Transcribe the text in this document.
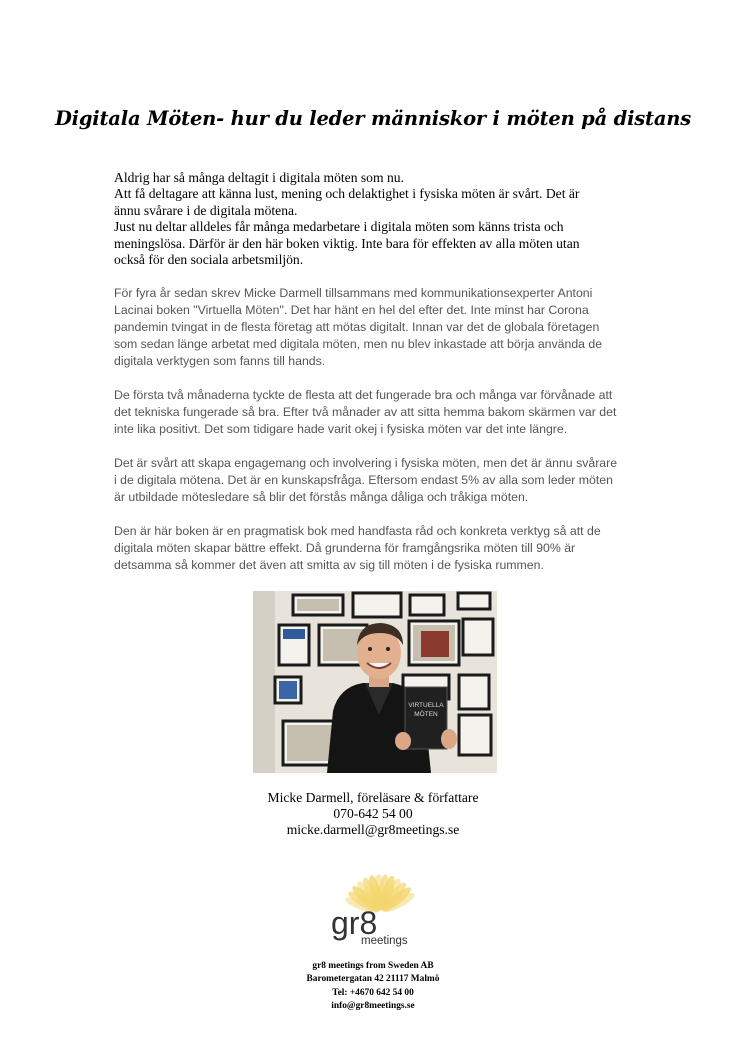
Digitala Möten- hur du leder människor i möten på distans
Aldrig har så många deltagit i digitala möten som nu.
Att få deltagare att känna lust, mening och delaktighet i fysiska möten är svårt. Det är
ännu svårare i de digitala mötena.
Just nu deltar alldeles får många medarbetare i digitala möten som känns trista och
meningslösa. Därför är den här boken viktig. Inte bara för effekten av alla möten utan
också för den sociala arbetsmiljön.
För fyra år sedan skrev Micke Darmell tillsammans med kommunikationsexperter Antoni
Lacinai boken "Virtuella Möten". Det har hänt en hel del efter det. Inte minst har Corona
pandemin tvingat in de flesta företag att mötas digitalt. Innan var det de globala företagen
som sedan länge arbetat med digitala möten, men nu blev inkastade att börja använda de
digitala verktygen som fanns till hands.
De första två månaderna tyckte de flesta att det fungerade bra och många var förvånade att
det tekniska fungerade så bra. Efter två månader av att sitta hemma bakom skärmen var det
inte lika positivt. Det som tidigare hade varit okej i fysiska möten var det inte längre.
Det är svårt att skapa engagemang och involvering i fysiska möten, men det är ännu svårare
i de digitala mötena. Det är en kunskapsfråga. Eftersom endast 5% av alla som leder möten
är utbildade mötesledare så blir det förstås många dåliga och tråkiga möten.
Den är här boken är en pragmatisk bok med handfasta råd och konkreta verktyg så att de
digitala möten skapar bättre effekt. Då grunderna för framgångsrika möten till 90% är
detsamma så kommer det även att smitta av sig till möten i de fysiska rummen.
VIRTUELLA
MÖTEN
Micke Darmell, föreläsare & författare
070-642 54 00
micke.darmell@gr8meetings.se
gr8
meetings
gr8 meetings from Sweden AB
Barometergatan 42 21117 Malmö
Tel: +4670 642 54 00
info@gr8meetings.se
